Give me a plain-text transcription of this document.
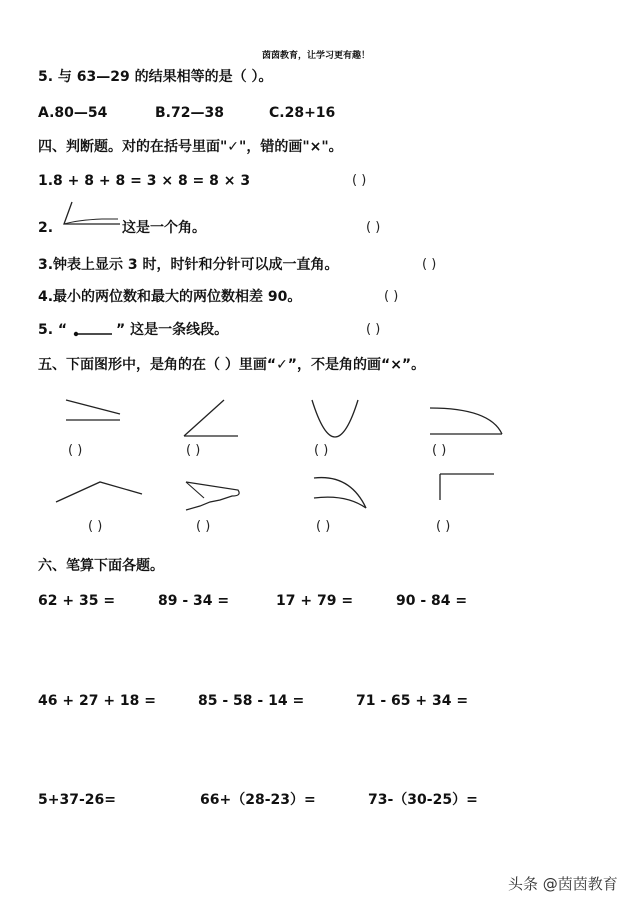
茵茵教育，让学习更有趣！
5. 与 63—29 的结果相等的是（ ）。
A.80—54	B.72—38	C.28+16
四、判断题。对的在括号里面"✓"，错的画"×"。
1.8 + 8 + 8 = 3 × 8 = 8 × 3	( )
2.	这是一个角。	( )
3.钟表上显示 3 时，时针和分针可以成一直角。	( )
4.最小的两位数和最大的两位数相差 90。	( )
5. “	” 这是一条线段。	( )
五、下面图形中，是角的在（ ）里画“✓”，不是角的画“×”。
( )	( )	( )	( )
( )	( )	( )	( )
六、笔算下面各题。
62 + 35 =	89 - 34 =	17 + 79 =	90 - 84 =
46 + 27 + 18 =	85 - 58 - 14 =	71 - 65 + 34 =
5+37-26=	66+（28-23）=	73-（30-25）=
头条 @茵茵教育
